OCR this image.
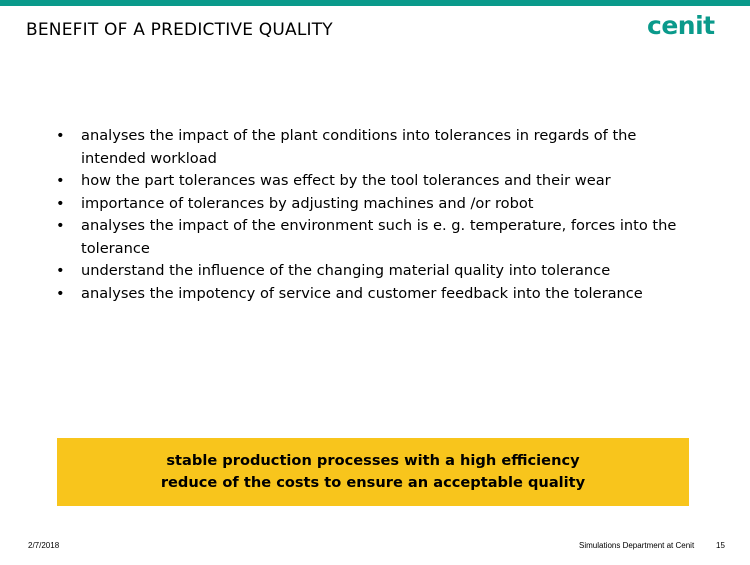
BENEFIT OF A PREDICTIVE QUALITY	cenit
• analyses the impact of the plant conditions into tolerances in regards of the intended workload
• how the part tolerances was effect by the tool tolerances and their wear
• importance of tolerances by adjusting machines and /or robot
• analyses the impact of the environment such is e. g. temperature, forces into the tolerance
• understand the influence of the changing material quality into tolerance
• analyses the impotency of service and customer feedback into the tolerance
stable production processes with a high efficiency
reduce of the costs to ensure an acceptable quality
2/7/2018	Simulations Department at Cenit	15
